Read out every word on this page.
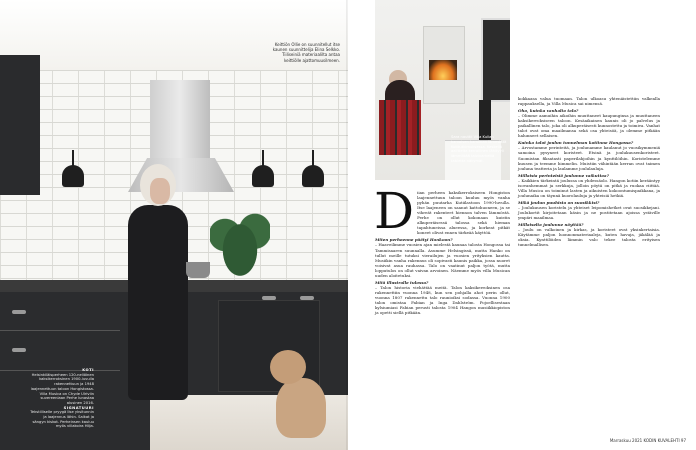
Keittiön Ollie on suunnitellut itse kaunen suunnittelija Elina Selkko. Tiiliseiniä materiaalilta antaa keittiölle ajattomuusilmeen.
KOTI
Helsinkiläisperheen 120-neliöinen kaksikerroksinen 1900-luvulla rakennettuun ja 1948 laajennettuun taloon Hongistossa. Villa Musica on Chyde Ulriviin suvereeniaan Perhe lunastaa alusinen 2016.
SIGNATUURI
Tekstilliselle pryygä Ilse yksitunnin ja laajennus lähin. Salkat ja sängyn kiskot. Perheinsen kauluu myös villakoira Hilja.
Sara nauttii Villa Kullan karvoisen kamiinan lämmöstä Kotitutkimuksessa. Keskellä aalitteita kerrallinen lähityyli lämmittää talvivarheitä tabletta näkymät.
D iian perheen kaksikerroksiseen Hongiston laajennettuun taloon kuuluu myös vanha pyhän puutarha Kutiilastoon 1990-luvulla. Itse laajeneen on saanut kattohuoneen, ja se vihreät rakenteet hiennon talven lämmöstä. Perhe on ollut kokonaan kuistin alkuperäisessä talossa sekä hieman tapahtuneissa alueessa, ja korkeat pitkät koneet olivat ennen tärkeää käyttöä.

Miten perheenne päätyi Hankoon?

– Haaveilimme vuosien ajan mielestä kaunaa talosta Hongossa tai Tammisaaren suunnalla. Asumme Helsingissä, mutta Hanko on tullut meille tutuksi vierailujen ja vuosien yrityksien kautta. Musiikin vanha rakennus oli sopivasti kaunis paikka, jossa nuoret voisivat asua rauhassa. Talo on vaatinut paljon työtä, mutta lopputulos on ollut vaivan arvoinen. Näemme myös villa Musican uuden aloitetuksi.

Mitä illustralle tulossa?

– Talon historia viehättää meitä. Talon kaksikerroksinen osa rakennettiin vuonna 1948, kun sen pohjalla ahot perin ollut, vuonna 1807 rakennettu talo raunioiksi sodassa. Vuonna 1900 talon omistaa Fabian ja Inga Dahlström. Pojoellisestaan kylsiumiasi Fabian perusti talosta 1904 Hangon musiikkiopiston ja opetti siellä pitkään.

kokkaasa valua tuomaan. Talon ulkoasu yhtenäistettiin valkealla rappauksella, ja Villa Musica sai nimensä.

Oho, kuinka vanhalta talo?

– Olimme aamuihin aikoihin muuttaneet kaupunginsa ja muuttaneen kaksikerroksiseen taloon. Kesäaikainen kaunis oli jo palvelus ja paikallinen talo, joka oli alkuperäisesti kunnostettu ja toimiva. Vanhat talot ovat oma maailmansa sekä osa yhteisöä, ja olemme pitkään halunneet sellaisen.

Kuinka talot joulun tunnelman kotiinne Hongossa?

– Arvostamme perinteitä, ja joulunamme kaulanut jo vuosikymmeniä samoina pysyneet koristeet. Etsinä ja joulukuusenkoristeet. Suomistan fiksatasti paperilahjoihin ja kynttilöihin. Koristelemme kuusen ja teemme himmelin. Muistiin vähintään kerran ovat taimen jouluna teatteria ja laulamme joululauluja.

Millaisia perinteisiä joulunne vaikuttaa?

– Kaikkien tärkeintä joulussa on yhdessäolo. Hangon kotiin kerääntyy isovanhemmat ja serkkuja, jolloin pöytä on pitkä ja ruokaa riittää. Villa Musica on toiminut lasten ja aikuisten kokoontumispaikkana, ja joulunaika on täynnä kuorolauluja ja yhteisiä hetkiä.

Mikä joulun puuhista on suosikkisi?

– Joulukuusen koristelu ja yhteiset leipomishetket ovat suosikkejani. Joulukortit kirjoitetaan käsin ja ne postitetaan ajoissa ystäville ympäri maailmaa.

Millaiselta joulunne näyttää?

– Joulu on valkoinen ja kirkas, ja koristeet ovat yksinkertaisia. Käytämme paljon luonnonmateriaaleja, kuten havuja, jäkälää ja oksia. Kynttilöiden lämmin valo tekee talosta erityisen tunnelmallisen.

Marraskuu 2021 KODIN KUVALEHTI 97
